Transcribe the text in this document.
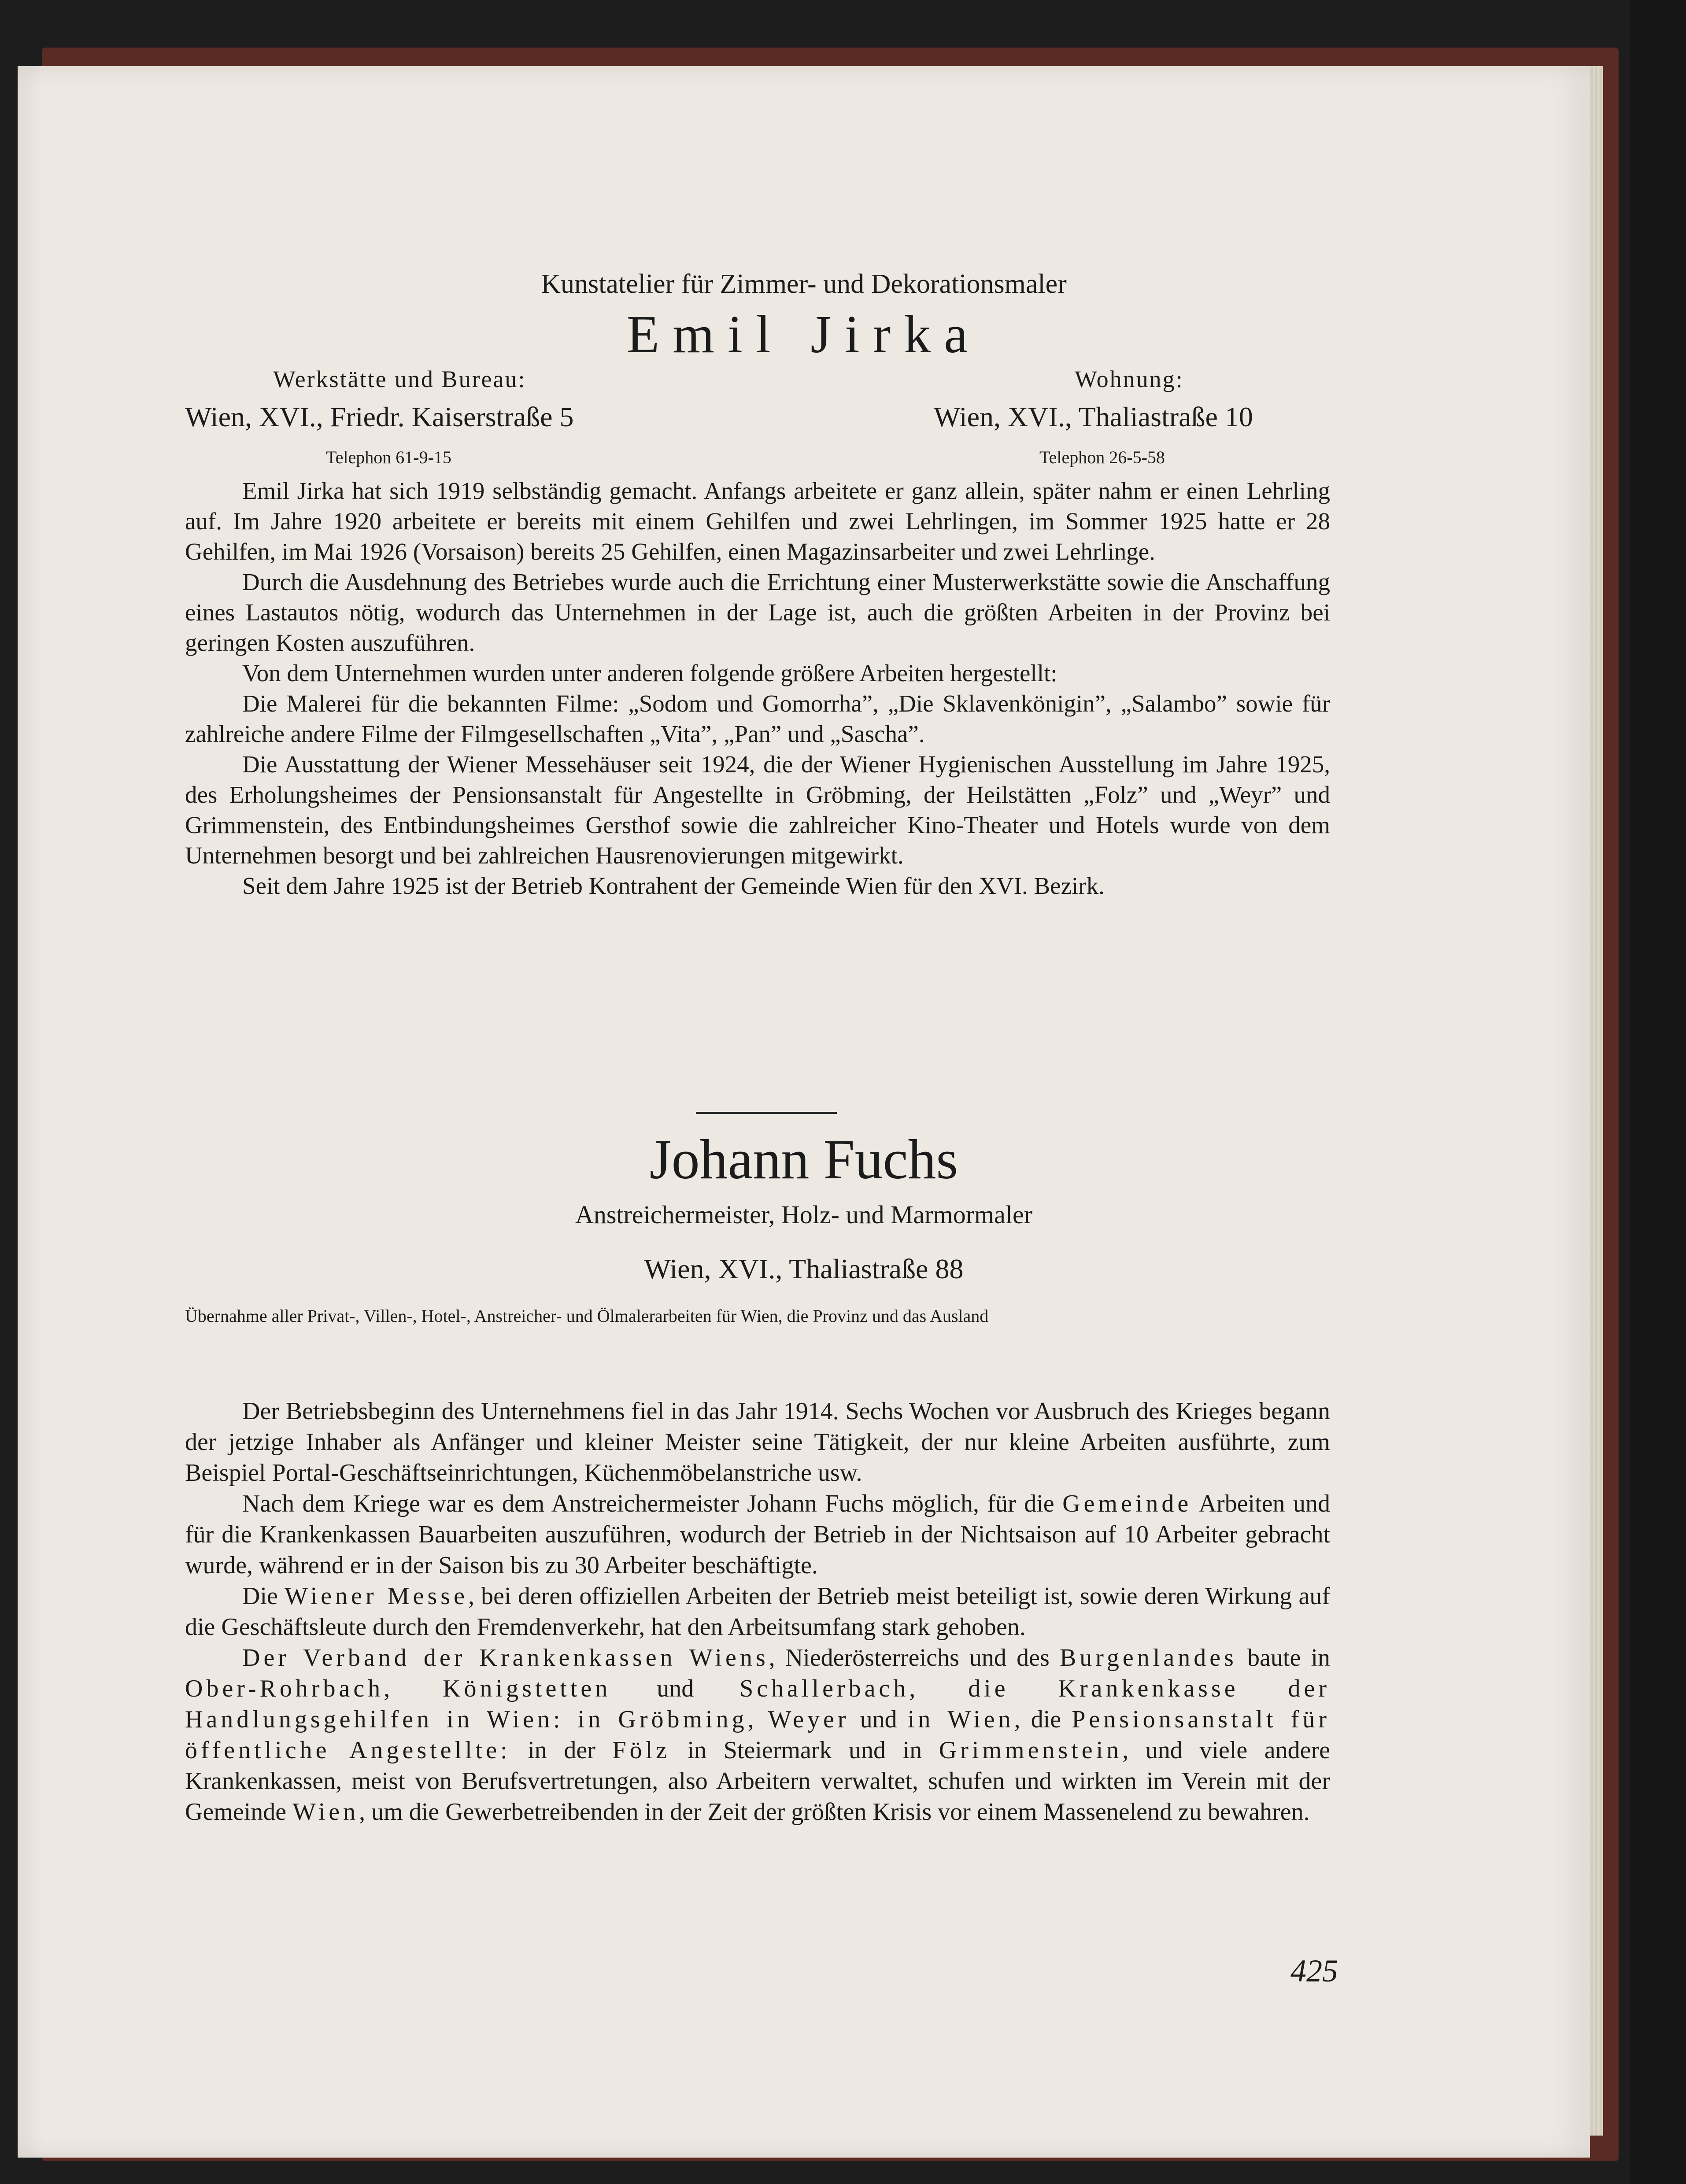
Kunstatelier für Zimmer- und Dekorationsmaler
Emil Jirka
Werkstätte und Bureau:	Wohnung:
Wien, XVI., Friedr. Kaiserstraße 5	Wien, XVI., Thaliastraße 10
Telephon 61-9-15	Telephon 26-5-58

Emil Jirka hat sich 1919 selbständig gemacht. Anfangs arbeitete er ganz allein, später nahm er einen Lehrling auf. Im Jahre 1920 arbeitete er bereits mit einem Gehilfen und zwei Lehrlingen, im Sommer 1925 hatte er 28 Gehilfen, im Mai 1926 (Vorsaison) bereits 25 Gehilfen, einen Magazinsarbeiter und zwei Lehrlinge.

Durch die Ausdehnung des Betriebes wurde auch die Errichtung einer Musterwerkstätte sowie die Anschaffung eines Lastautos nötig, wodurch das Unternehmen in der Lage ist, auch die größten Arbeiten in der Provinz bei geringen Kosten auszuführen.

Von dem Unternehmen wurden unter anderen folgende größere Arbeiten hergestellt:

Die Malerei für die bekannten Filme: „Sodom und Gomorrha”, „Die Sklavenkönigin”, „Salambo” sowie für zahlreiche andere Filme der Filmgesellschaften „Vita”, „Pan” und „Sascha”.

Die Ausstattung der Wiener Messehäuser seit 1924, die der Wiener Hygienischen Ausstellung im Jahre 1925, des Erholungsheimes der Pensionsanstalt für Angestellte in Gröbming, der Heilstätten „Folz” und „Weyr” und Grimmenstein, des Entbindungsheimes Gersthof sowie die zahlreicher Kino-Theater und Hotels wurde von dem Unternehmen besorgt und bei zahlreichen Hausrenovierungen mitgewirkt.

Seit dem Jahre 1925 ist der Betrieb Kontrahent der Gemeinde Wien für den XVI. Bezirk.

Johann Fuchs
Anstreichermeister, Holz- und Marmormaler
Wien, XVI., Thaliastraße 88
Übernahme aller Privat-, Villen-, Hotel-, Anstreicher- und Ölmalerarbeiten für Wien, die Provinz und das Ausland

Der Betriebsbeginn des Unternehmens fiel in das Jahr 1914. Sechs Wochen vor Ausbruch des Krieges begann der jetzige Inhaber als Anfänger und kleiner Meister seine Tätigkeit, der nur kleine Arbeiten ausführte, zum Beispiel Portal-Geschäftseinrichtungen, Küchenmöbelanstriche usw.

Nach dem Kriege war es dem Anstreichermeister Johann Fuchs möglich, für die Gemeinde Arbeiten und für die Krankenkassen Bauarbeiten auszuführen, wodurch der Betrieb in der Nichtsaison auf 10 Arbeiter gebracht wurde, während er in der Saison bis zu 30 Arbeiter beschäftigte.

Die Wiener Messe, bei deren offiziellen Arbeiten der Betrieb meist beteiligt ist, sowie deren Wirkung auf die Geschäftsleute durch den Fremdenverkehr, hat den Arbeitsumfang stark gehoben.

Der Verband der Krankenkassen Wiens, Niederösterreichs und des Burgenlandes baute in Ober-Rohrbach, Königstetten und Schallerbach, die Krankenkasse der Handlungsgehilfen in Wien: in Gröbming, Weyer und in Wien, die Pensionsanstalt für öffentliche Angestellte: in der Fölz in Steiermark und in Grimmenstein, und viele andere Krankenkassen, meist von Berufsvertretungen, also Arbeitern verwaltet, schufen und wirkten im Verein mit der Gemeinde Wien, um die Gewerbetreibenden in der Zeit der größten Krisis vor einem Massenelend zu bewahren.

425
